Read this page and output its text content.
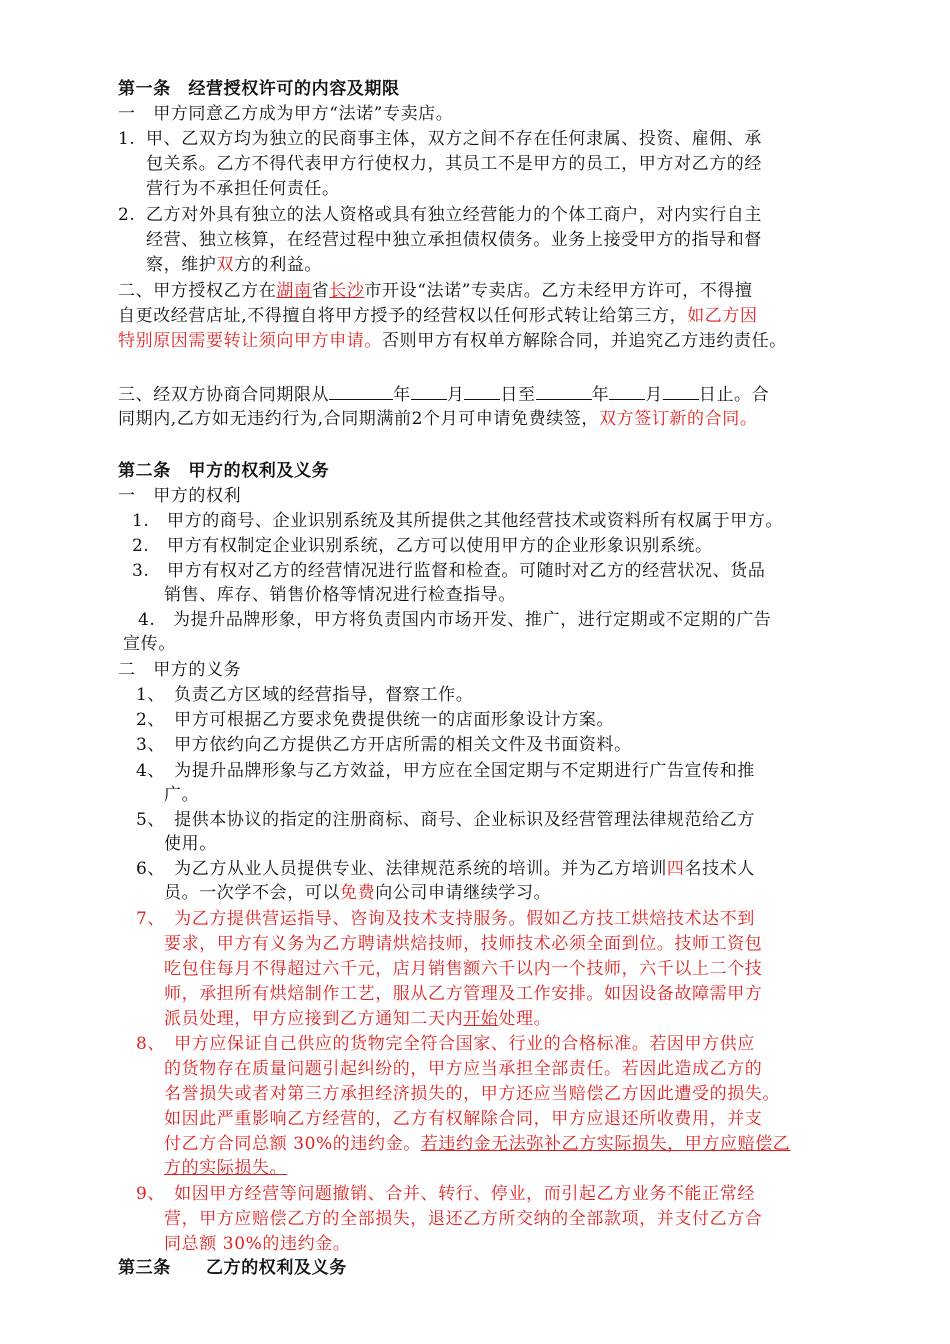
第一条　经营授权许可的内容及期限
一　甲方同意乙方成为甲方“法诺”专卖店。
1. 甲、乙双方均为独立的民商事主体，双方之间不存在任何隶属、投资、雇佣、承
包关系。乙方不得代表甲方行使权力，其员工不是甲方的员工，甲方对乙方的经
营行为不承担任何责任。
2. 乙方对外具有独立的法人资格或具有独立经营能力的个体工商户，对内实行自主
经营、独立核算，在经营过程中独立承担债权债务。业务上接受甲方的指导和督
察，维护双方的利益。
二、甲方授权乙方在湖南省长沙市开设“法诺”专卖店。乙方未经甲方许可，不得擅
自更改经营店址,不得擅自将甲方授予的经营权以任何形式转让给第三方，如乙方因
特别原因需要转让须向甲方申请。否则甲方有权单方解除合同，并追究乙方违约责任。
三、经双方协商合同期限从	年 月 日至	年 月 日止。合
同期内,乙方如无违约行为,合同期满前2个月可申请免费续签，双方签订新的合同。
第二条　甲方的权利及义务
一　甲方的权利
1.　甲方的商号、企业识别系统及其所提供之其他经营技术或资料所有权属于甲方。
2.　甲方有权制定企业识别系统，乙方可以使用甲方的企业形象识别系统。
3.　甲方有权对乙方的经营情况进行监督和检查。可随时对乙方的经营状况、货品
销售、库存、销售价格等情况进行检查指导。
4.　为提升品牌形象，甲方将负责国内市场开发、推广，进行定期或不定期的广告
宣传。
二　甲方的义务
1、　负责乙方区域的经营指导，督察工作。
2、　甲方可根据乙方要求免费提供统一的店面形象设计方案。
3、　甲方依约向乙方提供乙方开店所需的相关文件及书面资料。
4、　为提升品牌形象与乙方效益，甲方应在全国定期与不定期进行广告宣传和推
广。
5、　提供本协议的指定的注册商标、商号、企业标识及经营管理法律规范给乙方
使用。
6、　为乙方从业人员提供专业、法律规范系统的培训。并为乙方培训四名技术人
员。一次学不会，可以免费向公司申请继续学习。
7、　为乙方提供营运指导、咨询及技术支持服务。假如乙方技工烘焙技术达不到
要求，甲方有义务为乙方聘请烘焙技师，技师技术必须全面到位。技师工资包
吃包住每月不得超过六千元，店月销售额六千以内一个技师，六千以上二个技
师，承担所有烘焙制作工艺，服从乙方管理及工作安排。如因设备故障需甲方
派员处理，甲方应接到乙方通知二天内开始处理。
8、　甲方应保证自己供应的货物完全符合国家、行业的合格标准。若因甲方供应
的货物存在质量问题引起纠纷的，甲方应当承担全部责任。若因此造成乙方的
名誉损失或者对第三方承担经济损失的，甲方还应当赔偿乙方因此遭受的损失。
如因此严重影响乙方经营的，乙方有权解除合同，甲方应退还所收费用，并支
付乙方合同总额 30%的违约金。若违约金无法弥补乙方实际损失，甲方应赔偿乙
方的实际损失。
9、　如因甲方经营等问题撤销、合并、转行、停业，而引起乙方业务不能正常经
营，甲方应赔偿乙方的全部损失，退还乙方所交纳的全部款项，并支付乙方合
同总额 30%的违约金。
第三条　　乙方的权利及义务
